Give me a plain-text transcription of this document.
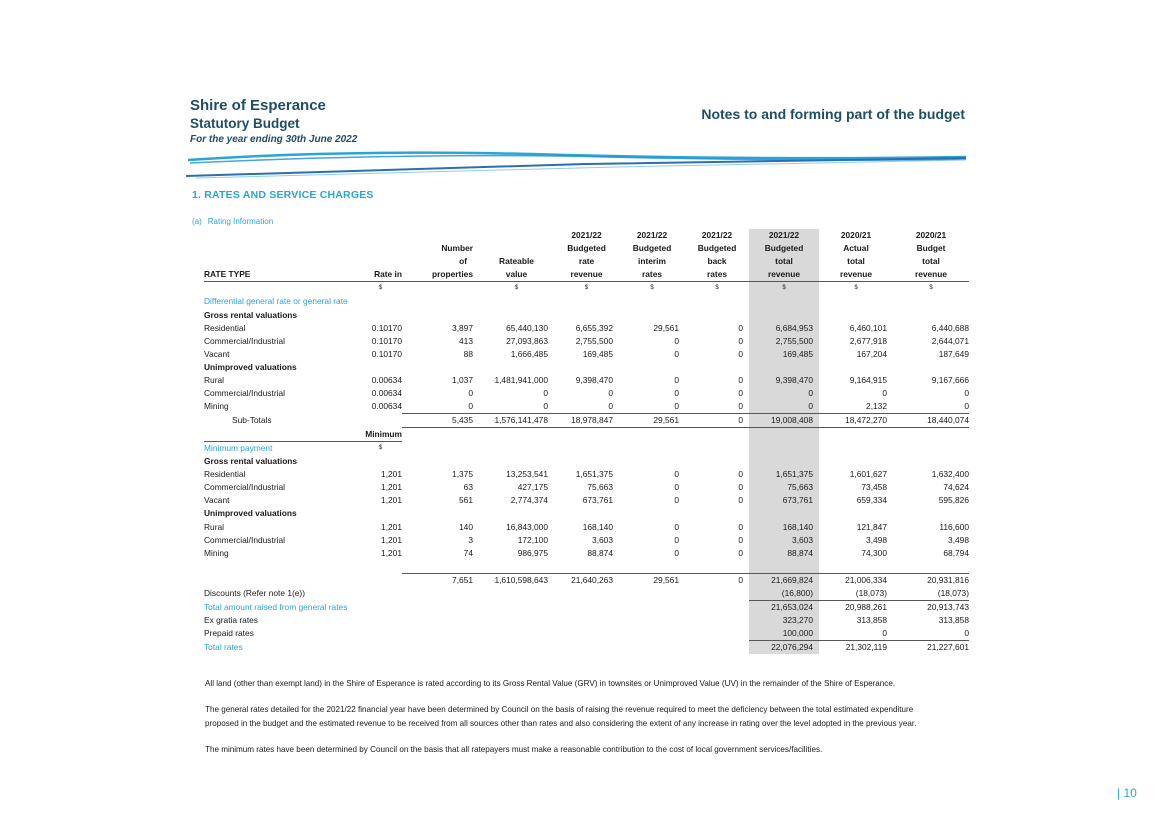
Shire of Esperance
Statutory Budget
For the year ending 30th June 2022
Notes to and forming part of the budget
1. RATES AND SERVICE CHARGES
(a) Rating Information
				2021/22	2021/22	2021/22	2021/22	2020/21	2020/21
		Number		Budgeted	Budgeted	Budgeted	Budgeted	Actual	Budget
		of	Rateable	rate	interim	back	total	total	total
RATE TYPE	Rate in	properties	value	revenue	rates	rates	revenue	revenue	revenue
	$		$	$	$	$	$	$	$
Differential general rate or general rate									
Gross rental valuations									
Residential	0.10170	3,897	65,440,130	6,655,392	29,561	0	6,684,953	6,460,101	6,440,688
Commercial/Industrial	0.10170	413	27,093,863	2,755,500	0	0	2,755,500	2,677,918	2,644,071
Vacant	0.10170	88	1,666,485	169,485	0	0	169,485	167,204	187,649
Unimproved valuations									
Rural	0.00634	1,037	1,481,941,000	9,398,470	0	0	9,398,470	9,164,915	9,167,666
Commercial/Industrial	0.00634	0	0	0	0	0	0	0	0
Mining	0.00634	0	0	0	0	0	0	2,132	0
Sub-Totals		5,435	1,576,141,478	18,978,847	29,561	0	19,008,408	18,472,270	18,440,074
	Minimum								
Minimum payment	$								
Gross rental valuations									
Residential	1,201	1,375	13,253,541	1,651,375	0	0	1,651,375	1,601,627	1,632,400
Commercial/Industrial	1,201	63	427,175	75,663	0	0	75,663	73,458	74,624
Vacant	1,201	561	2,774,374	673,761	0	0	673,761	659,334	595,826
Unimproved valuations									
Rural	1,201	140	16,843,000	168,140	0	0	168,140	121,847	116,600
Commercial/Industrial	1,201	3	172,100	3,603	0	0	3,603	3,498	3,498
Mining	1,201	74	986,975	88,874	0	0	88,874	74,300	68,794

		7,651	1,610,598,643	21,640,263	29,561	0	21,669,824	21,006,334	20,931,816
Discounts (Refer note 1(e))							(16,800)	(18,073)	(18,073)
Total amount raised from general rates							21,653,024	20,988,261	20,913,743
Ex gratia rates							323,270	313,858	313,858
Prepaid rates							100,000	0	0
Total rates							22,076,294	21,302,119	21,227,601

All land (other than exempt land) in the Shire of Esperance is rated according to its Gross Rental Value (GRV) in townsites or Unimproved Value (UV) in the remainder of the Shire of Esperance.

The general rates detailed for the 2021/22 financial year have been determined by Council on the basis of raising the revenue required to meet the deficiency between the total estimated expenditure proposed in the budget and the estimated revenue to be received from all sources other than rates and also considering the extent of any increase in rating over the level adopted in the previous year.

The minimum rates have been determined by Council on the basis that all ratepayers must make a reasonable contribution to the cost of local government services/facilities.

| 10
